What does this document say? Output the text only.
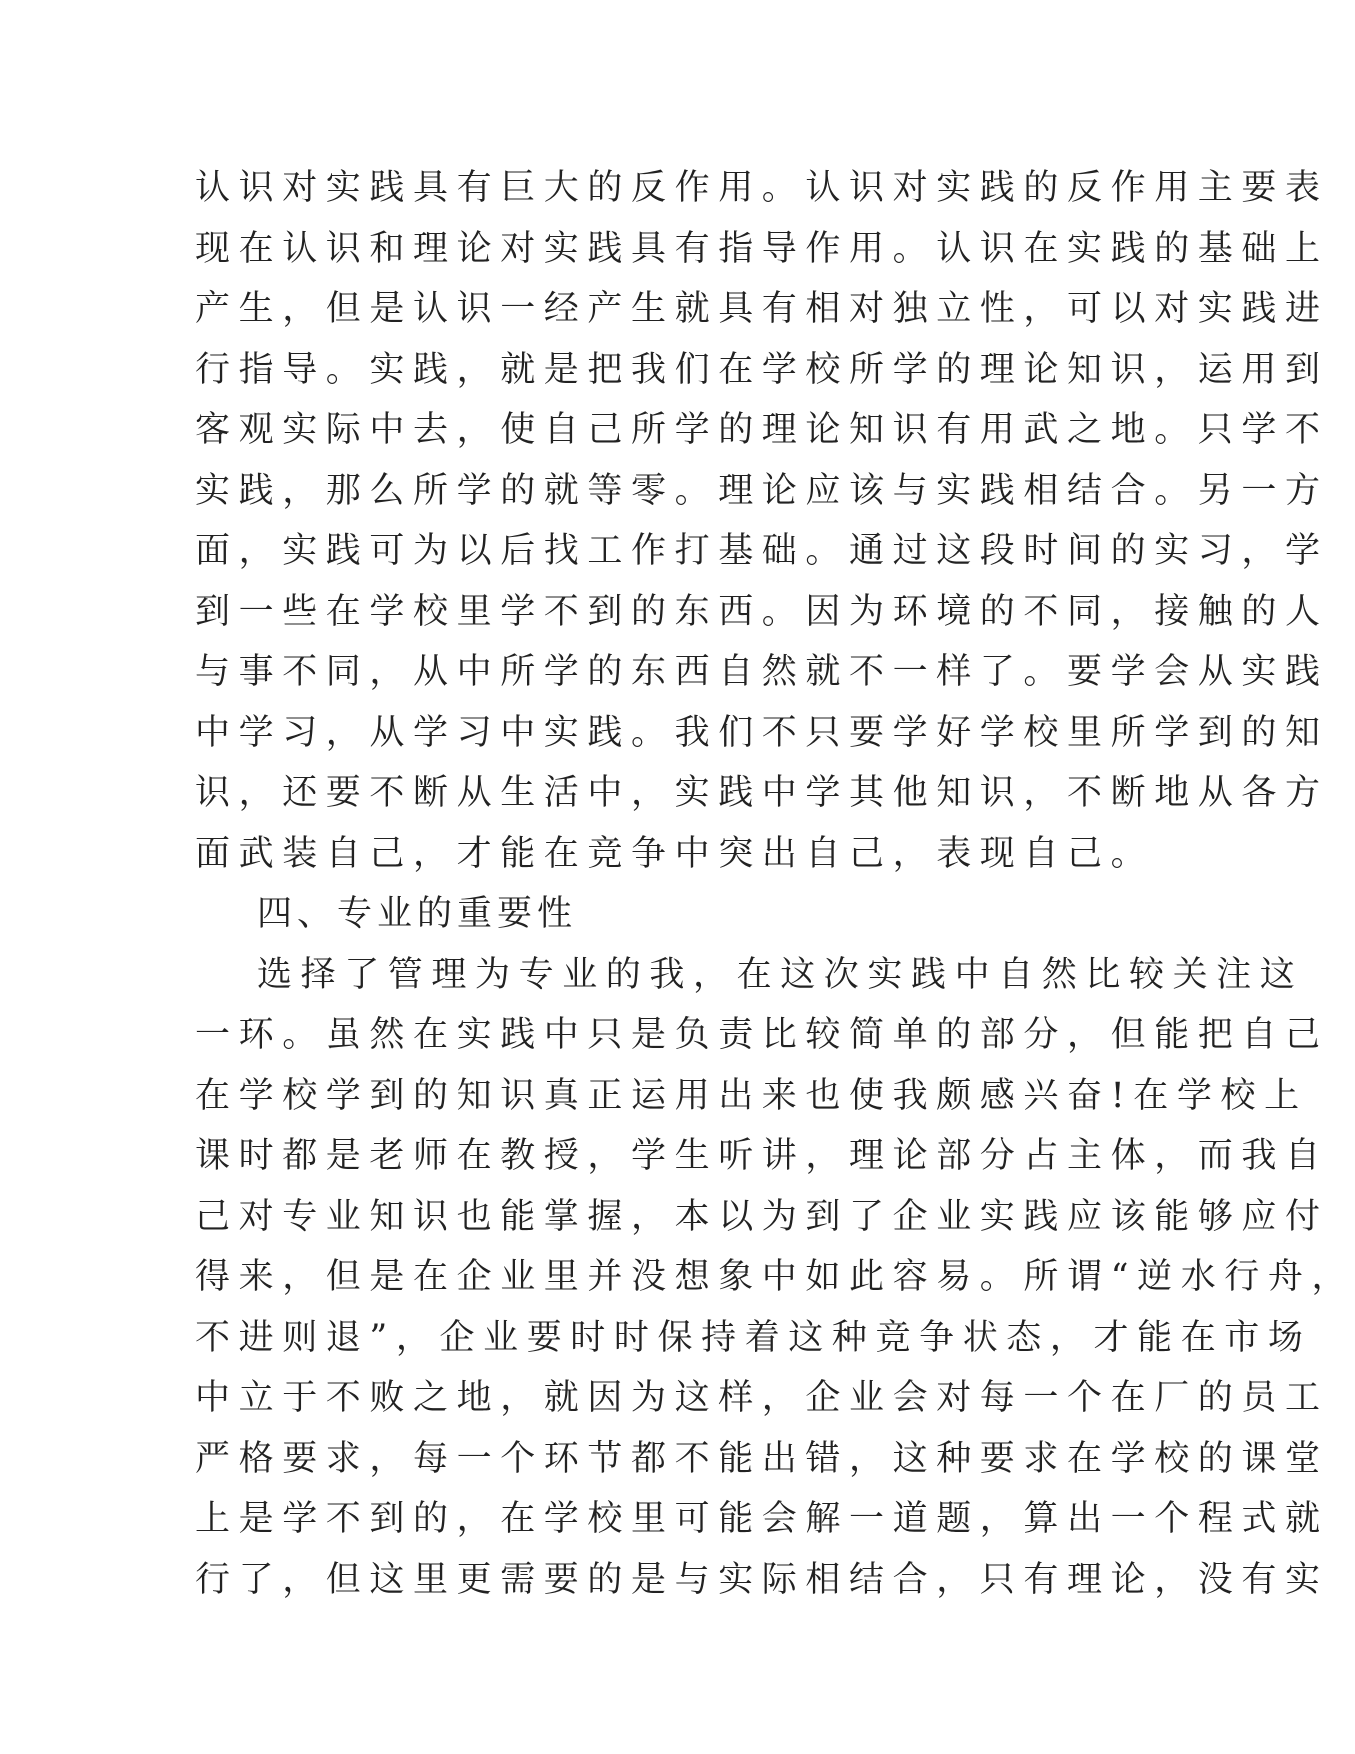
认识对实践具有巨大的反作用。认识对实践的反作用主要表
现在认识和理论对实践具有指导作用。认识在实践的基础上
产生，但是认识一经产生就具有相对独立性，可以对实践进
行指导。实践，就是把我们在学校所学的理论知识，运用到
客观实际中去，使自己所学的理论知识有用武之地。只学不
实践，那么所学的就等零。理论应该与实践相结合。另一方
面，实践可为以后找工作打基础。通过这段时间的实习，学
到一些在学校里学不到的东西。因为环境的不同，接触的人
与事不同，从中所学的东西自然就不一样了。要学会从实践
中学习，从学习中实践。我们不只要学好学校里所学到的知
识，还要不断从生活中，实践中学其他知识，不断地从各方
面武装自己，才能在竞争中突出自己，表现自己。
四、专业的重要性
选择了管理为专业的我，在这次实践中自然比较关注这
一环。虽然在实践中只是负责比较简单的部分，但能把自己
在学校学到的知识真正运用出来也使我颇感兴奋!在学校上
课时都是老师在教授，学生听讲，理论部分占主体，而我自
己对专业知识也能掌握，本以为到了企业实践应该能够应付
得来，但是在企业里并没想象中如此容易。所谓“逆水行舟，
不进则退”，企业要时时保持着这种竞争状态，才能在市场
中立于不败之地，就因为这样，企业会对每一个在厂的员工
严格要求，每一个环节都不能出错，这种要求在学校的课堂
上是学不到的，在学校里可能会解一道题，算出一个程式就
行了，但这里更需要的是与实际相结合，只有理论，没有实
